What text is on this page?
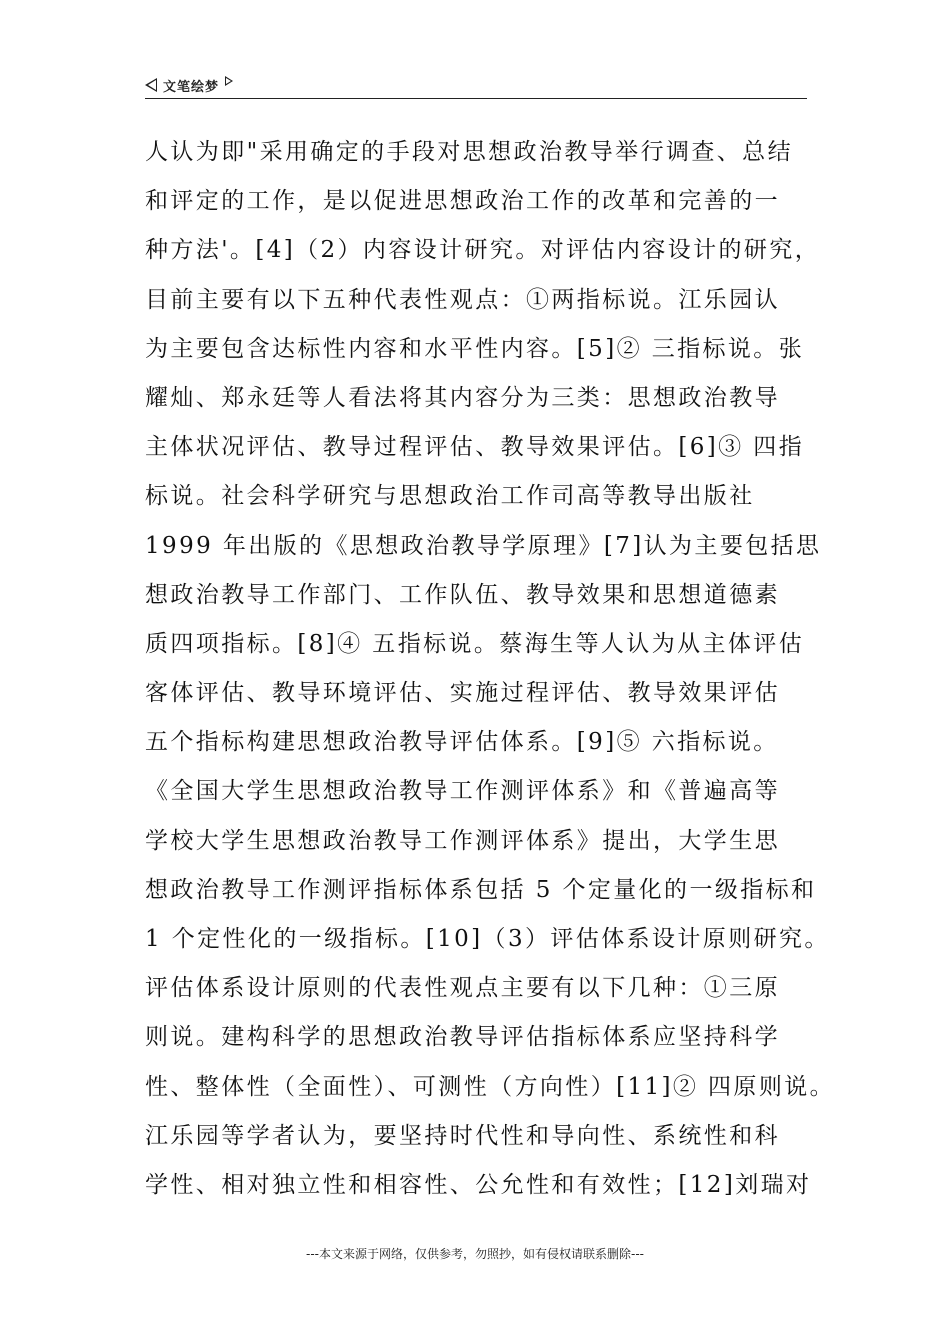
文笔绘梦
人认为即"采用确定的手段对思想政治教导举行调查、总结
和评定的工作，是以促进思想政治工作的改革和完善的一
种方法'。[4]（2）内容设计研究。对评估内容设计的研究，
目前主要有以下五种代表性观点：①两指标说。江乐园认
为主要包含达标性内容和水平性内容。[5]② 三指标说。张
耀灿、郑永廷等人看法将其内容分为三类：思想政治教导
主体状况评估、教导过程评估、教导效果评估。[6]③ 四指
标说。社会科学研究与思想政治工作司高等教导出版社
1999 年出版的《思想政治教导学原理》[7]认为主要包括思
想政治教导工作部门、工作队伍、教导效果和思想道德素
质四项指标。[8]④ 五指标说。蔡海生等人认为从主体评估
客体评估、教导环境评估、实施过程评估、教导效果评估
五个指标构建思想政治教导评估体系。[9]⑤ 六指标说。
《全国大学生思想政治教导工作测评体系》和《普遍高等
学校大学生思想政治教导工作测评体系》提出，大学生思
想政治教导工作测评指标体系包括 5 个定量化的一级指标和
1 个定性化的一级指标。[10]（3）评估体系设计原则研究。
评估体系设计原则的代表性观点主要有以下几种：①三原
则说。建构科学的思想政治教导评估指标体系应坚持科学
性、整体性（全面性）、可测性（方向性）[11]② 四原则说。
江乐园等学者认为，要坚持时代性和导向性、系统性和科
学性、相对独立性和相容性、公允性和有效性；[12]刘瑞对
---本文来源于网络，仅供参考，勿照抄，如有侵权请联系删除---
